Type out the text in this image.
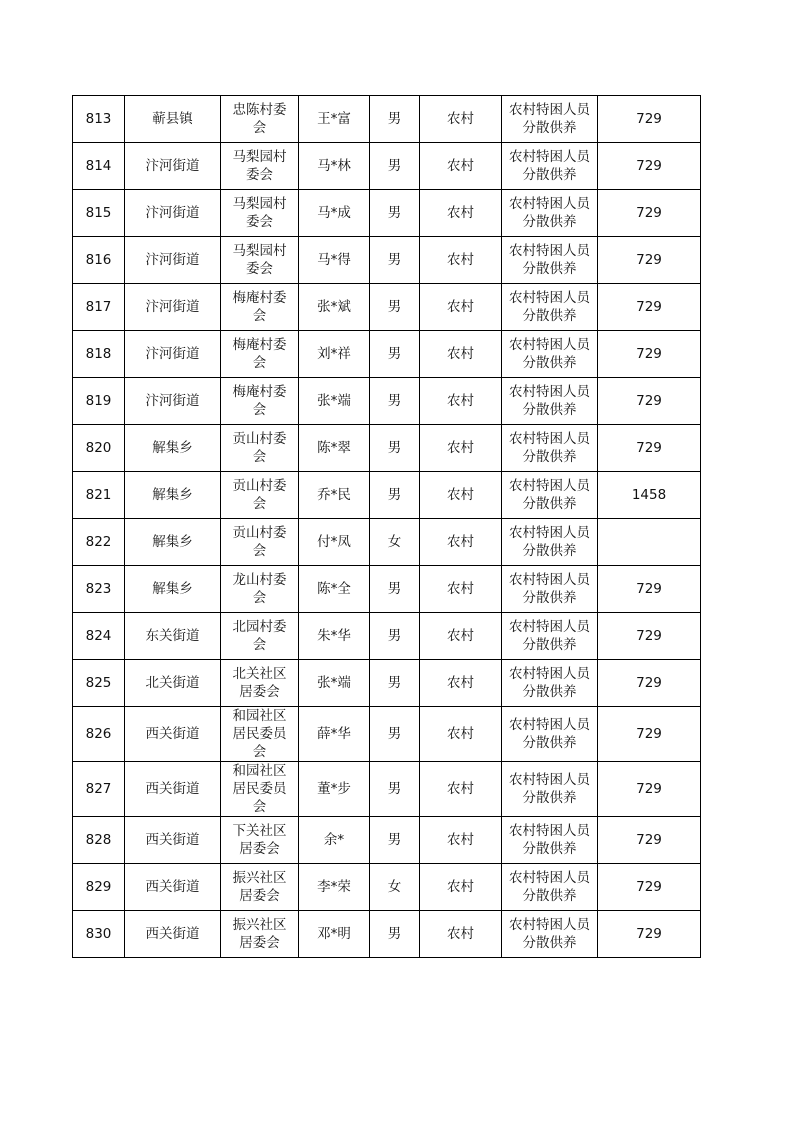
813	蕲县镇	忠陈村委会	王*富	男	农村	农村特困人员分散供养	729
814	汴河街道	马梨园村委会	马*林	男	农村	农村特困人员分散供养	729
815	汴河街道	马梨园村委会	马*成	男	农村	农村特困人员分散供养	729
816	汴河街道	马梨园村委会	马*得	男	农村	农村特困人员分散供养	729
817	汴河街道	梅庵村委会	张*斌	男	农村	农村特困人员分散供养	729
818	汴河街道	梅庵村委会	刘*祥	男	农村	农村特困人员分散供养	729
819	汴河街道	梅庵村委会	张*端	男	农村	农村特困人员分散供养	729
820	解集乡	贡山村委会	陈*翠	男	农村	农村特困人员分散供养	729
821	解集乡	贡山村委会	乔*民	男	农村	农村特困人员分散供养	1458
822	解集乡	贡山村委会	付*凤	女	农村	农村特困人员分散供养	
823	解集乡	龙山村委会	陈*全	男	农村	农村特困人员分散供养	729
824	东关街道	北园村委会	朱*华	男	农村	农村特困人员分散供养	729
825	北关街道	北关社区居委会	张*端	男	农村	农村特困人员分散供养	729
826	西关街道	和园社区居民委员会	薛*华	男	农村	农村特困人员分散供养	729
827	西关街道	和园社区居民委员会	董*步	男	农村	农村特困人员分散供养	729
828	西关街道	下关社区居委会	余*	男	农村	农村特困人员分散供养	729
829	西关街道	振兴社区居委会	李*荣	女	农村	农村特困人员分散供养	729
830	西关街道	振兴社区居委会	邓*明	男	农村	农村特困人员分散供养	729
